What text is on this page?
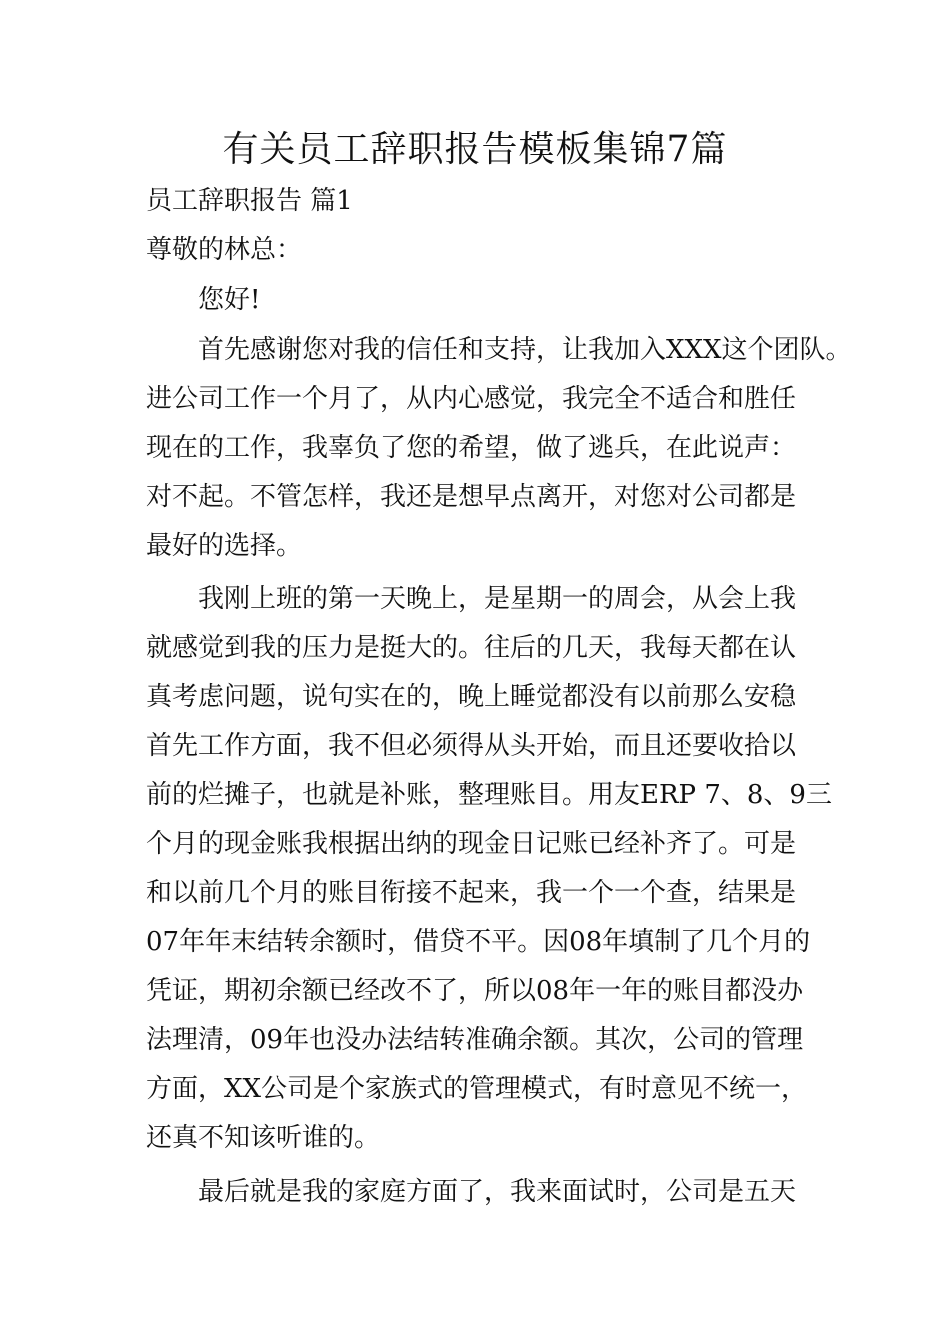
有关员工辞职报告模板集锦7篇
员工辞职报告 篇1
尊敬的林总：
您好!
首先感谢您对我的信任和支持，让我加入XXX这个团队。
进公司工作一个月了，从内心感觉，我完全不适合和胜任
现在的工作，我辜负了您的希望，做了逃兵，在此说声：
对不起。不管怎样，我还是想早点离开，对您对公司都是
最好的选择。
我刚上班的第一天晚上，是星期一的周会，从会上我
就感觉到我的压力是挺大的。往后的几天，我每天都在认
真考虑问题，说句实在的，晚上睡觉都没有以前那么安稳
首先工作方面，我不但必须得从头开始，而且还要收拾以
前的烂摊子，也就是补账，整理账目。用友ERP 7、8、9三
个月的现金账我根据出纳的现金日记账已经补齐了。可是
和以前几个月的账目衔接不起来，我一个一个查，结果是
07年年末结转余额时，借贷不平。因08年填制了几个月的
凭证，期初余额已经改不了，所以08年一年的账目都没办
法理清，09年也没办法结转准确余额。其次，公司的管理
方面，XX公司是个家族式的管理模式，有时意见不统一，
还真不知该听谁的。
最后就是我的家庭方面了，我来面试时，公司是五天
